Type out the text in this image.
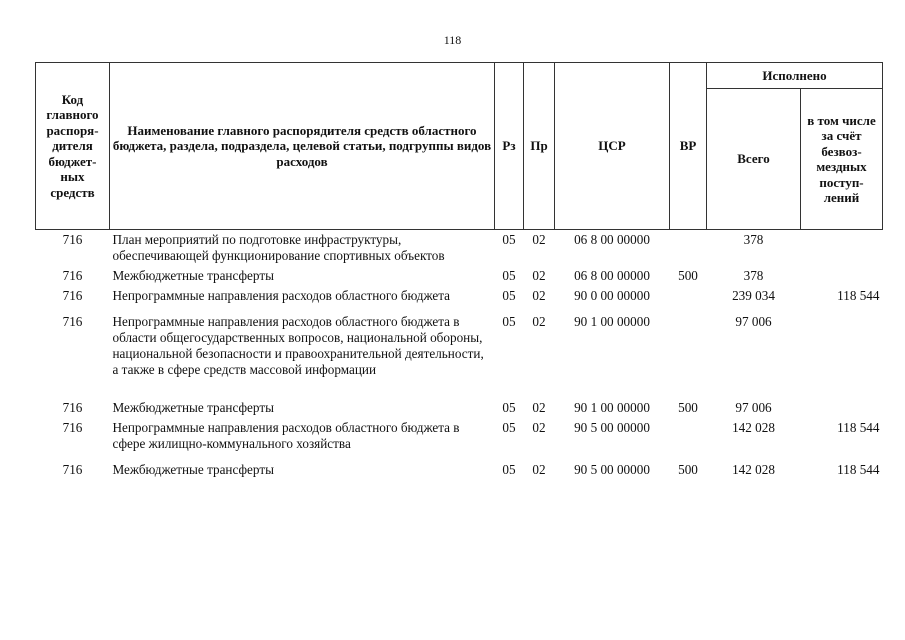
118
Код главного распоря-дителя бюджет-ных средств	Наименование главного распорядителя средств областного бюджета, раздела, подраздела, целевой статьи, подгруппы видов расходов	Рз	Пр	ЦСР	ВР	Исполнено	
						Всего	в том числе за счёт безвоз-мездных поступ-лений
716	План мероприятий по подготовке инфраструктуры, обеспечивающей функционирование спортивных объектов	05	02	06 8 00 00000		378	
716	Межбюджетные трансферты	05	02	06 8 00 00000	500	378	
716	Непрограммные направления расходов областного бюджета	05	02	90 0 00 00000		239 034	118 544
716	Непрограммные направления расходов областного бюджета в области общегосударственных вопросов, национальной обороны, национальной безопасности и правоохранительной деятельности, а также в сфере средств массовой информации	05	02	90 1 00 00000		97 006	
716	Межбюджетные трансферты	05	02	90 1 00 00000	500	97 006	
716	Непрограммные направления расходов областного бюджета в сфере жилищно-коммунального хозяйства	05	02	90 5 00 00000		142 028	118 544
716	Межбюджетные трансферты	05	02	90 5 00 00000	500	142 028	118 544
